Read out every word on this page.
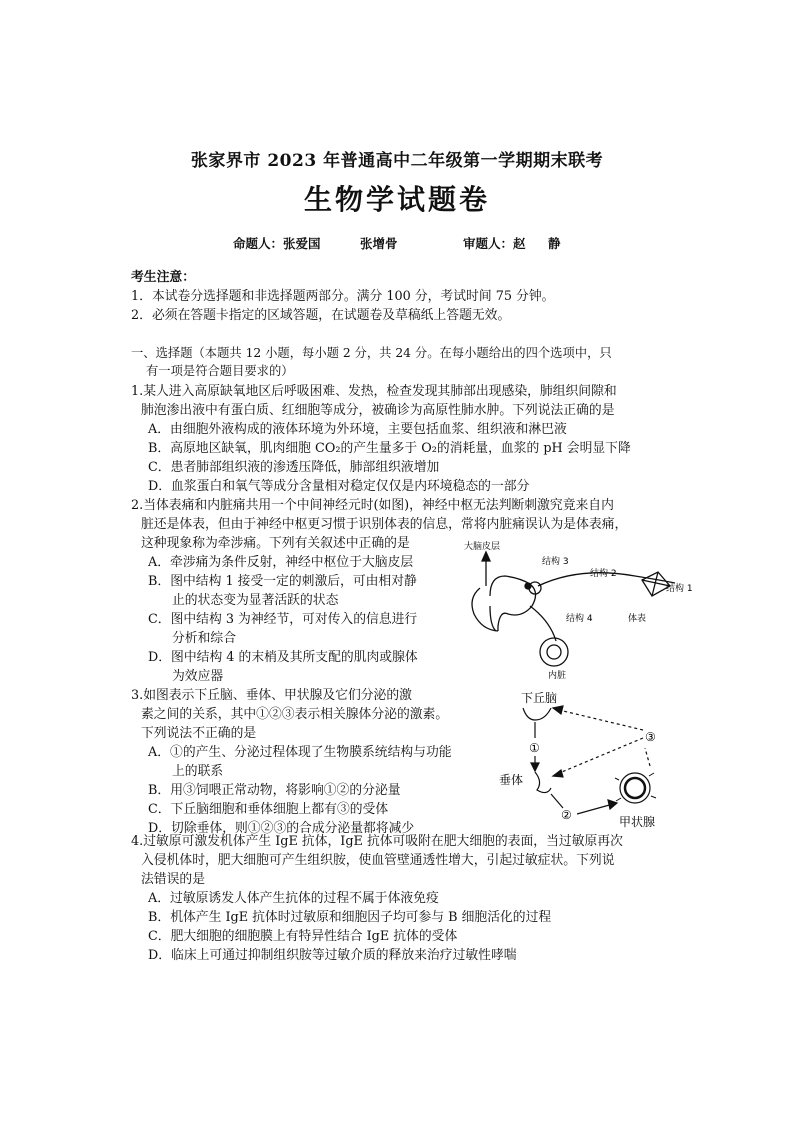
张家界市 2023 年普通高中二年级第一学期期末联考
生物学试题卷
命题人：张爱国	张增骨	审题人：赵 静
考生注意：
1．本试卷分选择题和非选择题两部分。满分 100 分，考试时间 75 分钟。
2．必须在答题卡指定的区域答题，在试题卷及草稿纸上答题无效。
一、选择题（本题共 12 小题，每小题 2 分，共 24 分。在每小题给出的四个选项中，只
有一项是符合题目要求的）
1.某人进入高原缺氧地区后呼吸困难、发热，检查发现其肺部出现感染，肺组织间隙和
肺泡渗出液中有蛋白质、红细胞等成分，被确诊为高原性肺水肿。下列说法正确的是
A．由细胞外液构成的液体环境为外环境，主要包括血浆、组织液和淋巴液
B．高原地区缺氧，肌肉细胞 CO₂的产生量多于 O₂的消耗量，血浆的 pH 会明显下降
C．患者肺部组织液的渗透压降低，肺部组织液增加
D．血浆蛋白和氧气等成分含量相对稳定仅仅是内环境稳态的一部分
2.当体表痛和内脏痛共用一个中间神经元时(如图)，神经中枢无法判断刺激究竟来自内
脏还是体表，但由于神经中枢更习惯于识别体表的信息，常将内脏痛误认为是体表痛，
这种现象称为牵涉痛。下列有关叙述中正确的是
A．牵涉痛为条件反射，神经中枢位于大脑皮层
B．图中结构 1 接受一定的刺激后，可由相对静
止的状态变为显著活跃的状态
C．图中结构 3 为神经节，可对传入的信息进行
分析和综合
D．图中结构 4 的末梢及其所支配的肌肉或腺体
为效应器
大脑皮层
结构 3
结构 2
结构 1
结构 4	体表
内脏
3.如图表示下丘脑、垂体、甲状腺及它们分泌的激
素之间的关系，其中①②③表示相关腺体分泌的激素。
下列说法不正确的是
A．①的产生、分泌过程体现了生物膜系统结构与功能
上的联系
B．用③饲喂正常动物，将影响①②的分泌量
C．下丘脑细胞和垂体细胞上都有③的受体
D．切除垂体，则①②③的合成分泌量都将减少
下丘脑
垂体
甲状腺
①
②
③
4.过敏原可激发机体产生 IgE 抗体，IgE 抗体可吸附在肥大细胞的表面，当过敏原再次
入侵机体时，肥大细胞可产生组织胺，使血管壁通透性增大，引起过敏症状。下列说
法错误的是
A．过敏原诱发人体产生抗体的过程不属于体液免疫
B．机体产生 IgE 抗体时过敏原和细胞因子均可参与 B 细胞活化的过程
C．肥大细胞的细胞膜上有特异性结合 IgE 抗体的受体
D．临床上可通过抑制组织胺等过敏介质的释放来治疗过敏性哮喘
